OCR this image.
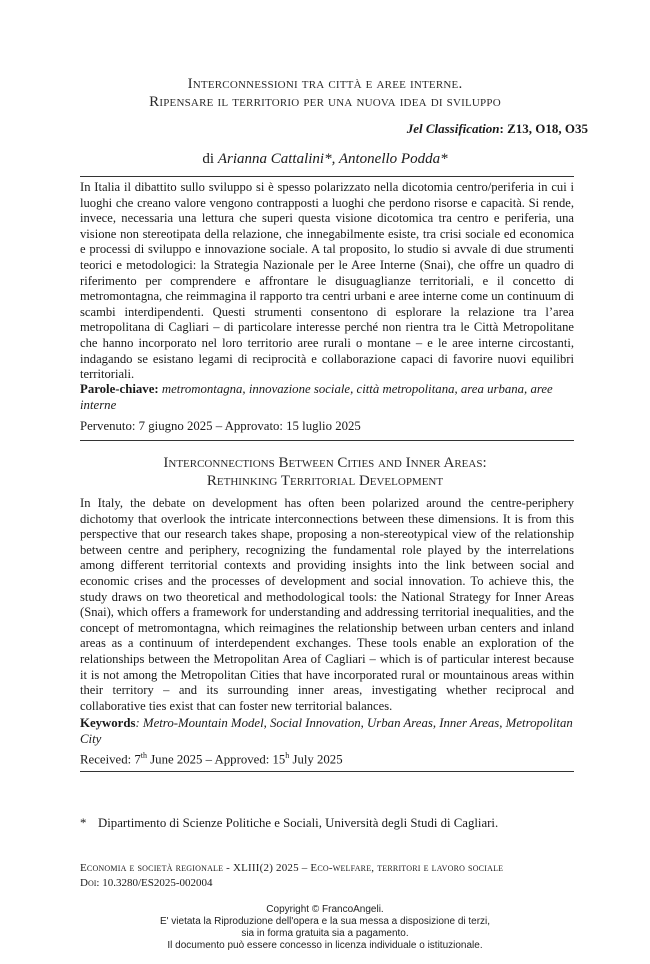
Interconnessioni tra città e aree interne.
Ripensare il territorio per una nuova idea di sviluppo
Jel Classification: Z13, O18, O35
di Arianna Cattalini*, Antonello Podda*

In Italia il dibattito sullo sviluppo si è spesso polarizzato nella dicotomia centro/periferia in cui i luoghi che creano valore vengono contrapposti a luoghi che perdono risorse e capacità. Si rende, invece, necessaria una lettura che superi questa visione dicotomica tra centro e periferia, una visione non stereotipata della relazione, che innegabilmente esiste, tra crisi sociale ed economica e processi di sviluppo e innovazione sociale. A tal proposito, lo studio si avvale di due strumenti teorici e metodologici: la Strategia Nazionale per le Aree Interne (Snai), che offre un quadro di riferimento per comprendere e affrontare le disuguaglianze territoriali, e il concetto di metromontagna, che reimmagina il rapporto tra centri urbani e aree interne come un continuum di scambi interdipendenti. Questi strumenti consentono di esplorare la relazione tra l’area metropolitana di Cagliari – di particolare interesse perché non rientra tra le Città Metropolitane che hanno incorporato nel loro territorio aree rurali o montane – e le aree interne circostanti, indagando se esistano legami di reciprocità e collaborazione capaci di favorire nuovi equilibri territoriali.

Parole-chiave: metromontagna, innovazione sociale, città metropolitana, area urbana, aree interne
Pervenuto: 7 giugno 2025 – Approvato: 15 luglio 2025
Interconnections Between Cities and Inner Areas:
Rethinking Territorial Development

In Italy, the debate on development has often been polarized around the centre-periphery dichotomy that overlook the intricate interconnections between these dimensions. It is from this perspective that our research takes shape, proposing a non-stereotypical view of the relationship between centre and periphery, recognizing the fundamental role played by the interrelations among different territorial contexts and providing insights into the link between social and economic crises and the processes of development and social innovation. To achieve this, the study draws on two theoretical and methodological tools: the National Strategy for Inner Areas (Snai), which offers a framework for understanding and addressing territorial inequalities, and the concept of metromontagna, which reimagines the relationship between urban centers and inland areas as a continuum of interdependent exchanges. These tools enable an exploration of the relationships between the Metropolitan Area of Cagliari – which is of particular interest because it is not among the Metropolitan Cities that have incorporated rural or mountainous areas within their territory – and its surrounding inner areas, investigating whether reciprocal and collaborative ties exist that can foster new territorial balances.

Keywords: Metro-Mountain Model, Social Innovation, Urban Areas, Inner Areas, Metropolitan City
Received: 7th June 2025 – Approved: 15$^h$ July 2025
* Dipartimento di Scienze Politiche e Sociali, Università degli Studi di Cagliari.
Economia e società regionale - XLIII(2) 2025 – Eco-welfare, territori e lavoro sociale
Doi: 10.3280/ES2025-002004
Copyright © FrancoAngeli.
E' vietata la Riproduzione dell'opera e la sua messa a disposizione di terzi,
sia in forma gratuita sia a pagamento.
Il documento può essere concesso in licenza individuale o istituzionale.
